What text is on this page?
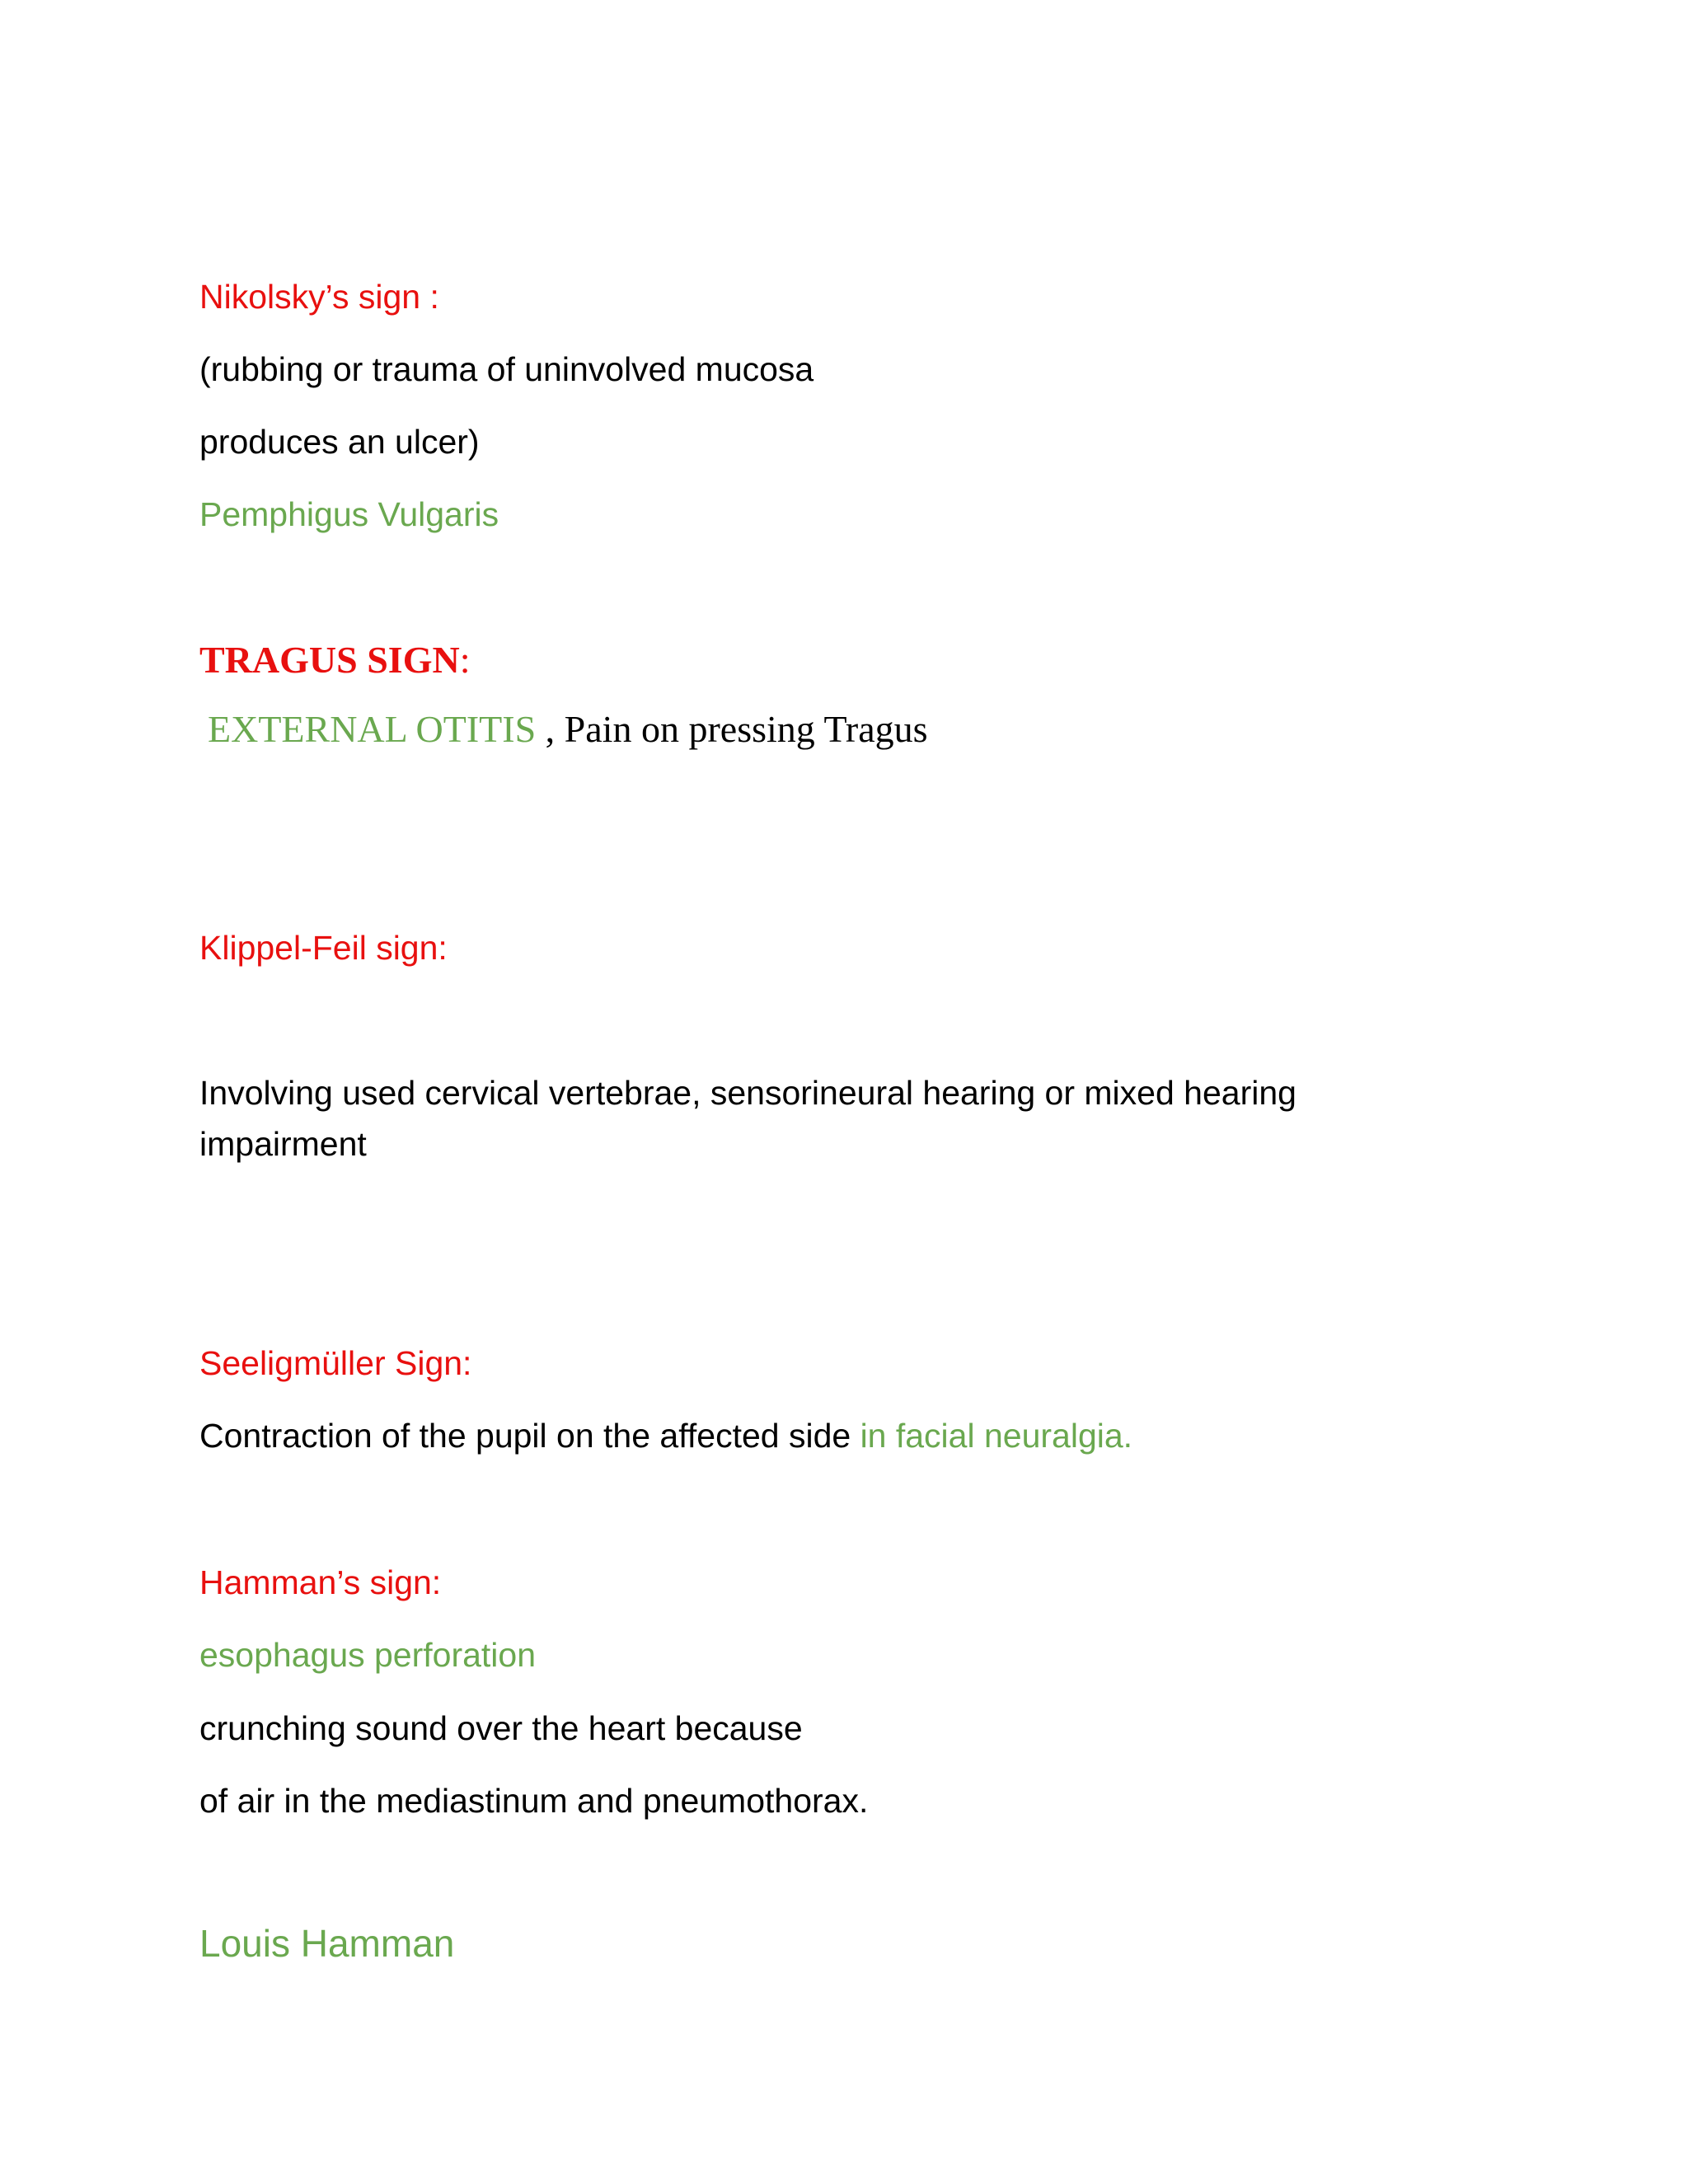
Nikolsky’s sign :

(rubbing or trauma of uninvolved mucosa

produces an ulcer)

Pemphigus Vulgaris

TRAGUS SIGN:

EXTERNAL OTITIS , Pain on pressing Tragus

Klippel-Feil sign:

Involving used cervical vertebrae, sensorineural hearing or mixed hearing impairment

Seeligmüller Sign:

Contraction of the pupil on the affected side in facial neuralgia.

Hamman’s sign:

esophagus perforation

crunching sound over the heart because

of air in the mediastinum and pneumothorax.

Louis Hamman
